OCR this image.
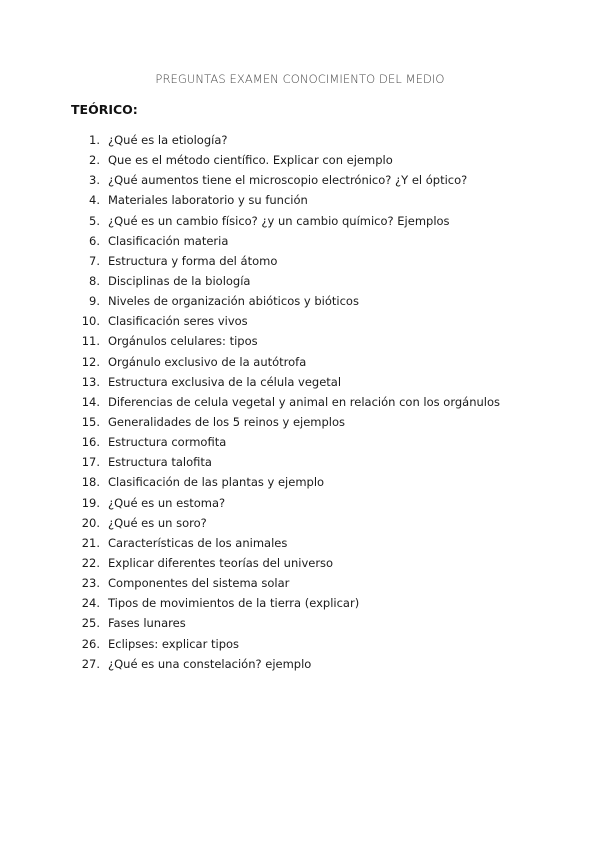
PREGUNTAS EXAMEN CONOCIMIENTO DEL MEDIO
TEÓRICO:
1. ¿Qué es la etiología?
2. Que es el método científico. Explicar con ejemplo
3. ¿Qué aumentos tiene el microscopio electrónico? ¿Y el óptico?
4. Materiales laboratorio y su función
5. ¿Qué es un cambio físico? ¿y un cambio químico? Ejemplos
6. Clasificación materia
7. Estructura y forma del átomo
8. Disciplinas de la biología
9. Niveles de organización abióticos y bióticos
10. Clasificación seres vivos
11. Orgánulos celulares: tipos
12. Orgánulo exclusivo de la autótrofa
13. Estructura exclusiva de la célula vegetal
14. Diferencias de celula vegetal y animal en relación con los orgánulos
15. Generalidades de los 5 reinos y ejemplos
16. Estructura cormofita
17. Estructura talofita
18. Clasificación de las plantas y ejemplo
19. ¿Qué es un estoma?
20. ¿Qué es un soro?
21. Características de los animales
22. Explicar diferentes teorías del universo
23. Componentes del sistema solar
24. Tipos de movimientos de la tierra (explicar)
25. Fases lunares
26. Eclipses: explicar tipos
27. ¿Qué es una constelación? ejemplo
